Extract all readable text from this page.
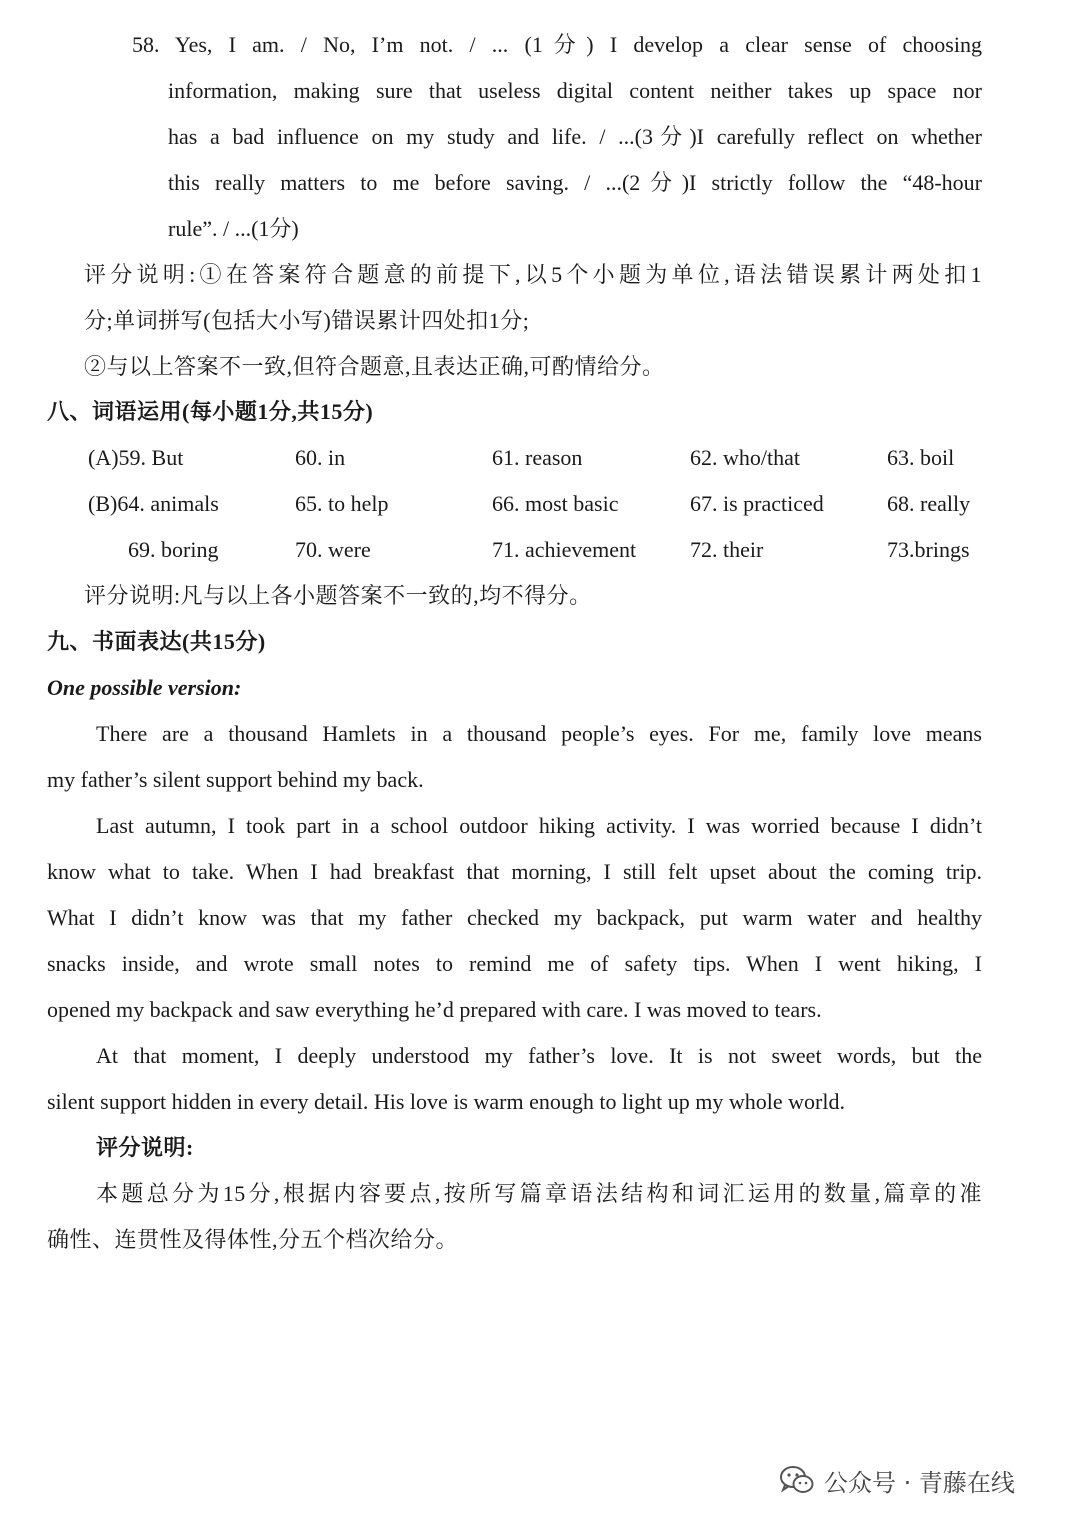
58. Yes, I am. / No, I’m not. / ... (1分) I develop a clear sense of choosing
information, making sure that useless digital content neither takes up space nor
has a bad influence on my study and life. / ...(3分)I carefully reflect on whether
this really matters to me before saving. / ...(2分)I strictly follow the “48-hour
rule”. / ...(1分)
评分说明:①在答案符合题意的前提下,以5个小题为单位,语法错误累计两处扣1
分;单词拼写(包括大小写)错误累计四处扣1分;
②与以上答案不一致,但符合题意,且表达正确,可酌情给分。
八、词语运用(每小题1分,共15分)
(A)59. But	60. in	61. reason	62. who/that	63. boil
(B)64. animals	65. to help	66. most basic	67. is practiced	68. really
69. boring	70. were	71. achievement 72. their	73.brings
评分说明:凡与以上各小题答案不一致的,均不得分。
九、书面表达(共15分)
One possible version:
There are a thousand Hamlets in a thousand people’s eyes. For me, family love means
my father’s silent support behind my back.
Last autumn, I took part in a school outdoor hiking activity. I was worried because I didn’t
know what to take. When I had breakfast that morning, I still felt upset about the coming trip.
What I didn’t know was that my father checked my backpack, put warm water and healthy
snacks inside, and wrote small notes to remind me of safety tips. When I went hiking, I
opened my backpack and saw everything he’d prepared with care. I was moved to tears.
At that moment, I deeply understood my father’s love. It is not sweet words, but the
silent support hidden in every detail. His love is warm enough to light up my whole world.
评分说明:
本题总分为15分,根据内容要点,按所写篇章语法结构和词汇运用的数量,篇章的准
确性、连贯性及得体性,分五个档次给分。
公众号 · 青藤在线
